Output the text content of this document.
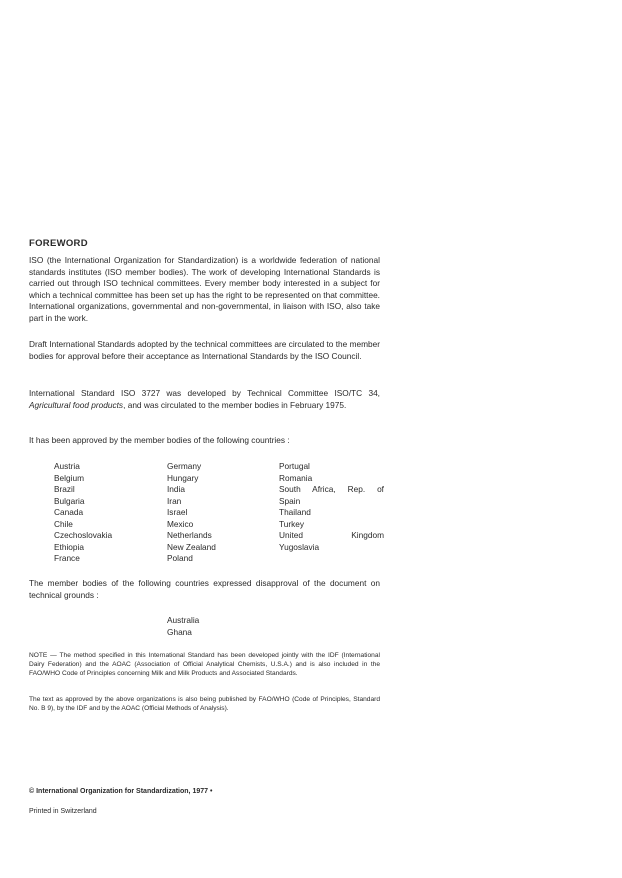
FOREWORD

ISO (the International Organization for Standardization) is a worldwide federation of national standards institutes (ISO member bodies). The work of developing International Standards is carried out through ISO technical committees. Every member body interested in a subject for which a technical committee has been set up has the right to be represented on that committee. International organizations, governmental and non-governmental, in liaison with ISO, also take part in the work.

Draft International Standards adopted by the technical committees are circulated to the member bodies for approval before their acceptance as International Standards by the ISO Council.

International Standard ISO 3727 was developed by Technical Committee ISO/TC 34, Agricultural food products, and was circulated to the member bodies in February 1975.

It has been approved by the member bodies of the following countries :

Austria
Belgium
Brazil
Bulgaria
Canada
Chile
Czechoslovakia
Ethiopia
France
Germany
Hungary
India
Iran
Israel
Mexico
Netherlands
New Zealand
Poland
Portugal
Romania
South Africa, Rep. of
Spain
Thailand
Turkey
United Kingdom
Yugoslavia

The member bodies of the following countries expressed disapproval of the document on technical grounds :

Australia
Ghana

NOTE — The method specified in this International Standard has been developed jointly with the IDF (International Dairy Federation) and the AOAC (Association of Official Analytical Chemists, U.S.A.) and is also included in the FAO/WHO Code of Principles concerning Milk and Milk Products and Associated Standards.

The text as approved by the above organizations is also being published by FAO/WHO (Code of Principles, Standard No. B 9), by the IDF and by the AOAC (Official Methods of Analysis).

© International Organization for Standardization, 1977 •
Printed in Switzerland
